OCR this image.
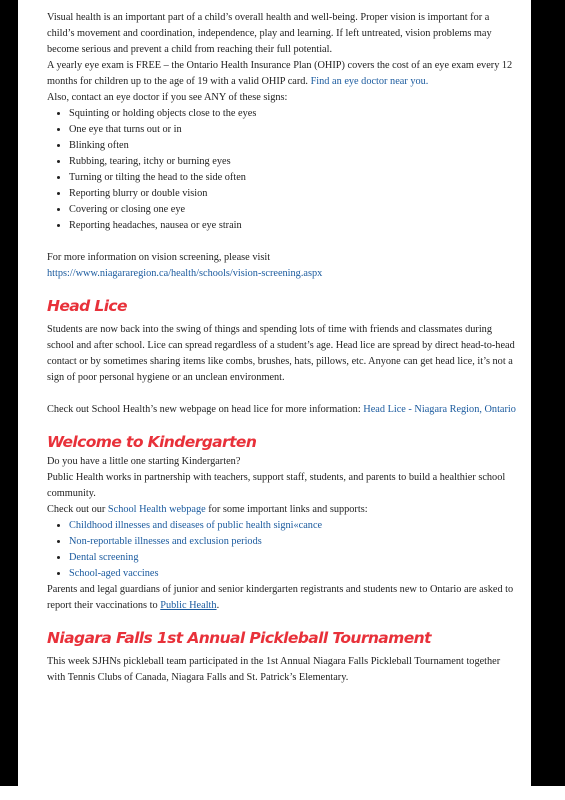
Visual health is an important part of a child’s overall health and well-being. Proper vision is important for a child’s movement and coordination, independence, play and learning. If left untreated, vision problems may become serious and prevent a child from reaching their full potential.

A yearly eye exam is FREE – the Ontario Health Insurance Plan (OHIP) covers the cost of an eye exam every 12 months for children up to the age of 19 with a valid OHIP card. Find an eye doctor near you.

Also, contact an eye doctor if you see ANY of these signs:

• Squinting or holding objects close to the eyes
• One eye that turns out or in
• Blinking often
• Rubbing, tearing, itchy or burning eyes
• Turning or tilting the head to the side often
• Reporting blurry or double vision
• Covering or closing one eye
• Reporting headaches, nausea or eye strain

For more information on vision screening, please visit

https://www.niagararegion.ca/health/schools/vision-screening.aspx

Head Lice

Students are now back into the swing of things and spending lots of time with friends and classmates during school and after school. Lice can spread regardless of a student’s age. Head lice are spread by direct head-to-head contact or by sometimes sharing items like combs, brushes, hats, pillows, etc. Anyone can get head lice, it’s not a sign of poor personal hygiene or an unclean environment.

Check out School Health’s new webpage on head lice for more information: Head Lice - Niagara Region, Ontario

Welcome to Kindergarten

Do you have a little one starting Kindergarten?

Public Health works in partnership with teachers, support staff, students, and parents to build a healthier school community.

Check out our School Health webpage for some important links and supports:

• Childhood illnesses and diseases of public health signi«cance
• Non-reportable illnesses and exclusion periods
• Dental screening
• School-aged vaccines

Parents and legal guardians of junior and senior kindergarten registrants and students new to Ontario are asked to report their vaccinations to Public Health.

Niagara Falls 1st Annual Pickleball Tournament

This week SJHNs pickleball team participated in the 1st Annual Niagara Falls Pickleball Tournament together with Tennis Clubs of Canada, Niagara Falls and St. Patrick’s Elementary.
